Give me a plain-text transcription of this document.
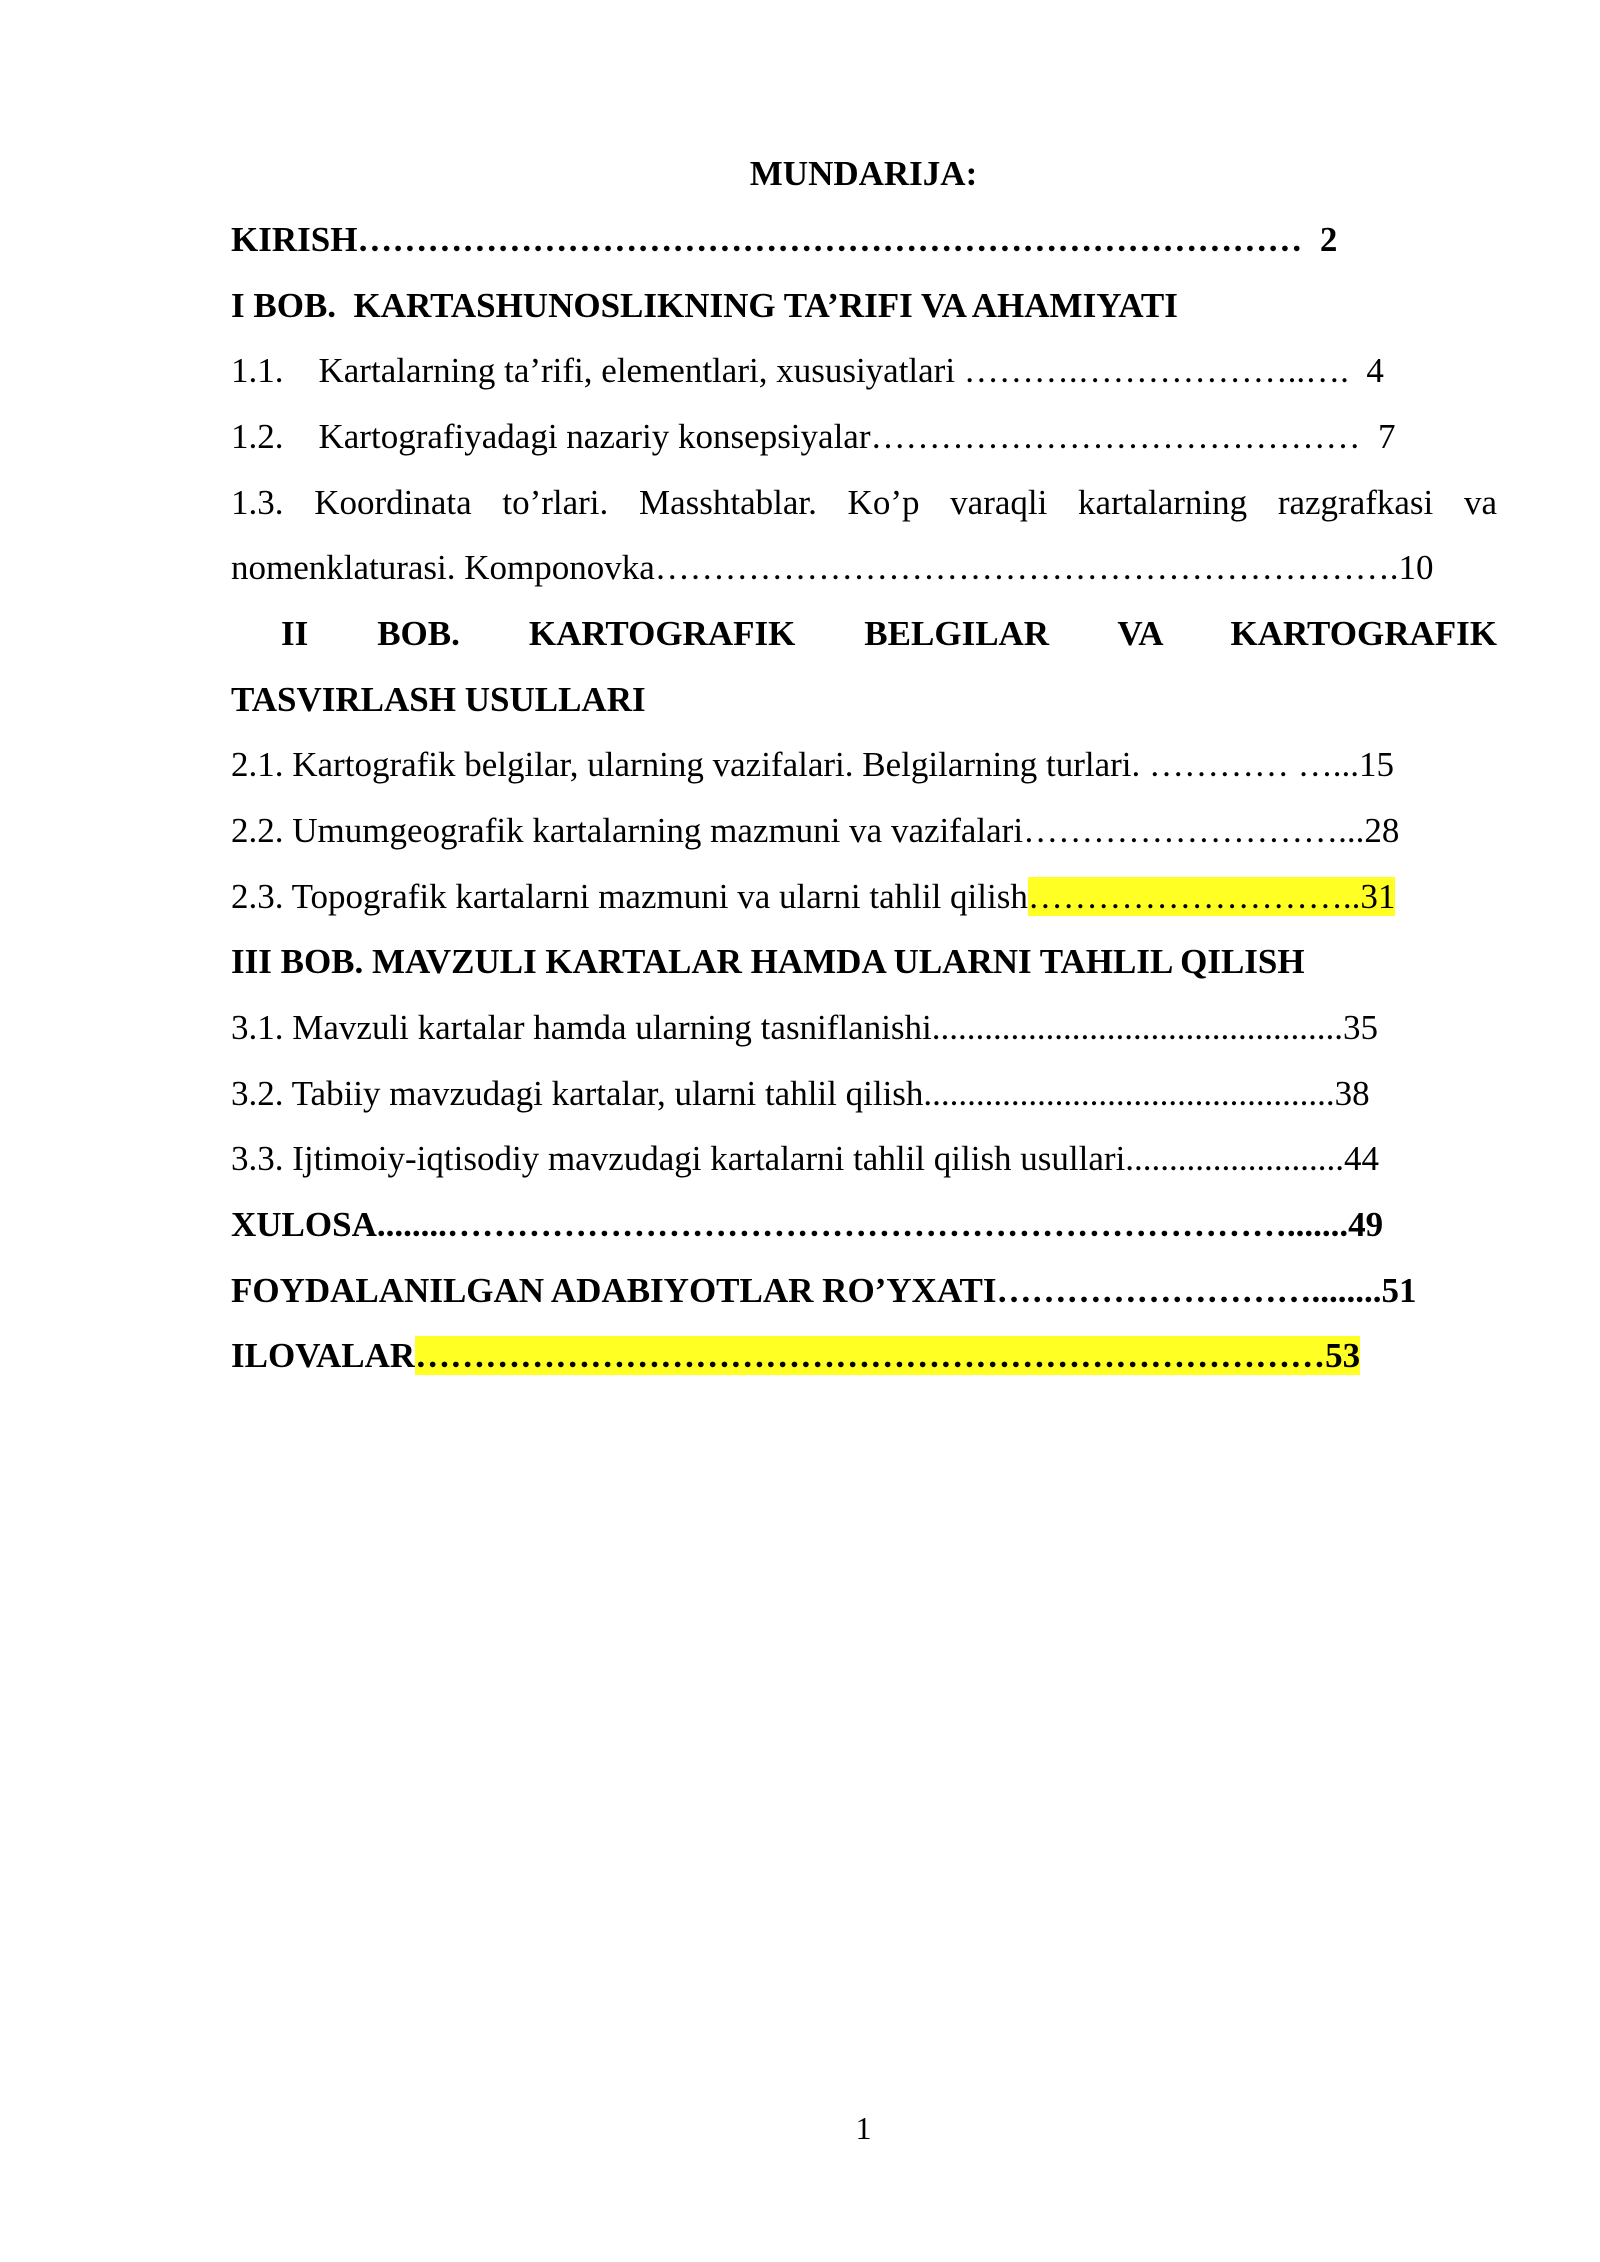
MUNDARIJA:
KIRISH………………………………………………………………………  2
I BOB.  KARTASHUNOSLIKNING TA’RIFI VA AHAMIYATI
1.1.    Kartalarning ta’rifi, elementlari, xususiyatlari ……….………………..….  4
1.2.    Kartografiyadagi nazariy konsepsiyalar……………………………………  7
1.3. Koordinata to’rlari. Masshtablar. Ko’p varaqli kartalarning razgrafkasi va
nomenklaturasi. Komponovka……………………………………………………….10
II BOB. KARTOGRAFIK BELGILAR VA KARTOGRAFIK
TASVIRLASH USULLARI
2.1. Kartografik belgilar, ularning vazifalari. Belgilarning turlari. ………… …...15
2.2. Umumgeografik kartalarning mazmuni va vazifalari………………………...28
2.3. Topografik kartalarni mazmuni va ularni tahlil qilish………………………..31
III BOB. MAVZULI KARTALAR HAMDA ULARNI TAHLIL QILISH
3.1. Mavzuli kartalar hamda ularning tasniflanishi...............................................35
3.2. Tabiiy mavzudagi kartalar, ularni tahlil qilish...............................................38
3.3. Ijtimoiy-iqtisodiy mavzudagi kartalarni tahlil qilish usullari.........................44
XULOSA........……………………………………………………………….......49
FOYDALANILGAN ADABIYOTLAR RO’YXATI………………………........51
ILOVALAR……………………………………………………………………53
1
